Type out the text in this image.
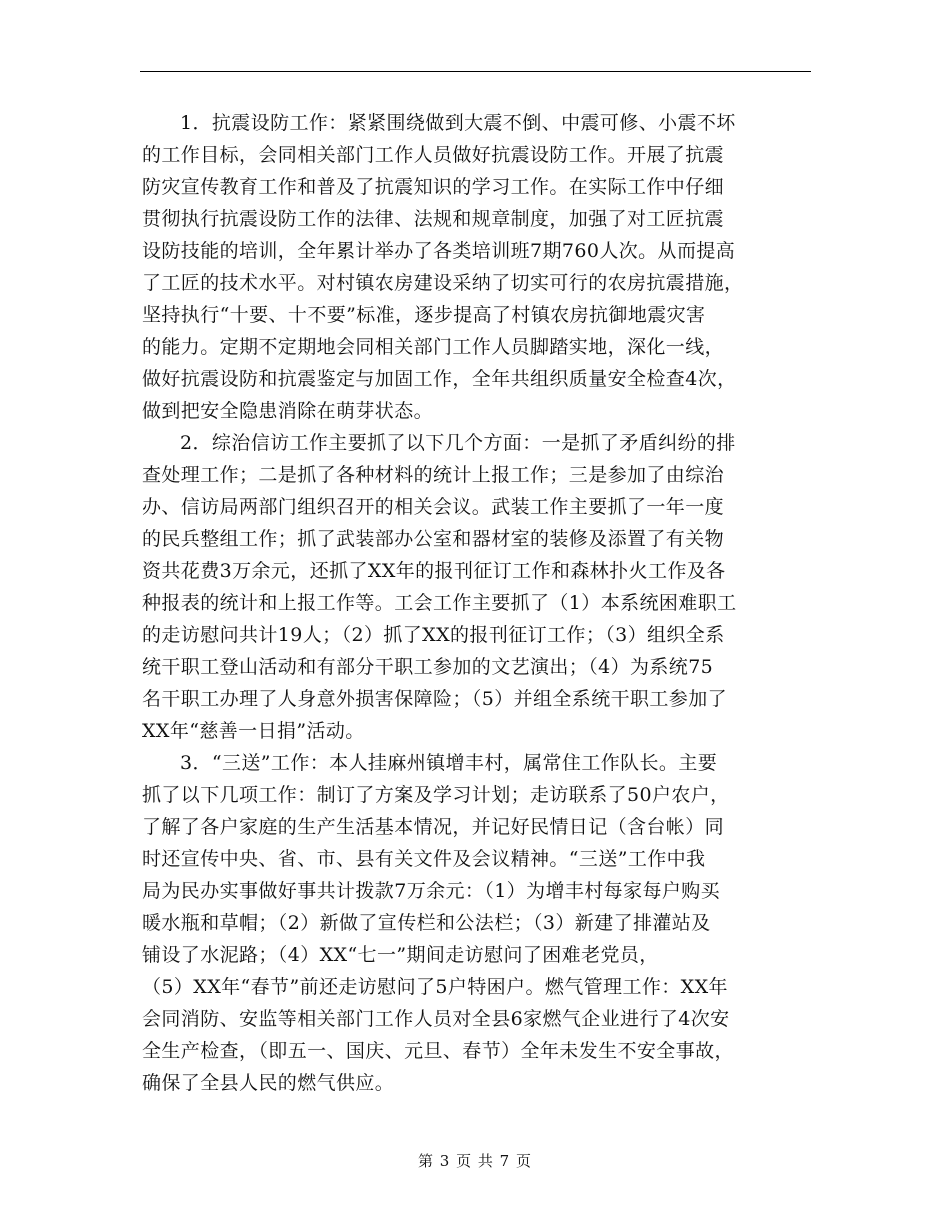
1．抗震设防工作：紧紧围绕做到大震不倒、中震可修、小震不坏
的工作目标，会同相关部门工作人员做好抗震设防工作。开展了抗震
防灾宣传教育工作和普及了抗震知识的学习工作。在实际工作中仔细
贯彻执行抗震设防工作的法律、法规和规章制度，加强了对工匠抗震
设防技能的培训，全年累计举办了各类培训班7期760人次。从而提高
了工匠的技术水平。对村镇农房建设采纳了切实可行的农房抗震措施，
坚持执行“十要、十不要”标准，逐步提高了村镇农房抗御地震灾害
的能力。定期不定期地会同相关部门工作人员脚踏实地，深化一线，
做好抗震设防和抗震鉴定与加固工作，全年共组织质量安全检查4次，
做到把安全隐患消除在萌芽状态。
2．综治信访工作主要抓了以下几个方面：一是抓了矛盾纠纷的排
查处理工作；二是抓了各种材料的统计上报工作；三是参加了由综治
办、信访局两部门组织召开的相关会议。武装工作主要抓了一年一度
的民兵整组工作；抓了武装部办公室和器材室的装修及添置了有关物
资共花费3万余元，还抓了XX年的报刊征订工作和森林扑火工作及各
种报表的统计和上报工作等。工会工作主要抓了（1）本系统困难职工
的走访慰问共计19人；（2）抓了XX的报刊征订工作；（3）组织全系
统干职工登山活动和有部分干职工参加的文艺演出；（4）为系统75
名干职工办理了人身意外损害保障险；（5）并组全系统干职工参加了
XX年“慈善一日捐”活动。
3．“三送”工作：本人挂麻州镇增丰村，属常住工作队长。主要
抓了以下几项工作：制订了方案及学习计划；走访联系了50户农户，
了解了各户家庭的生产生活基本情况，并记好民情日记（含台帐）同
时还宣传中央、省、市、县有关文件及会议精神。“三送”工作中我
局为民办实事做好事共计拨款7万余元：（1）为增丰村每家每户购买
暖水瓶和草帽；（2）新做了宣传栏和公法栏；（3）新建了排灌站及
铺设了水泥路；（4）XX“七一”期间走访慰问了困难老党员，
（5）XX年“春节”前还走访慰问了5户特困户。燃气管理工作：XX年
会同消防、安监等相关部门工作人员对全县6家燃气企业进行了4次安
全生产检查，（即五一、国庆、元旦、春节）全年未发生不安全事故，
确保了全县人民的燃气供应。
第 3 页 共 7 页
